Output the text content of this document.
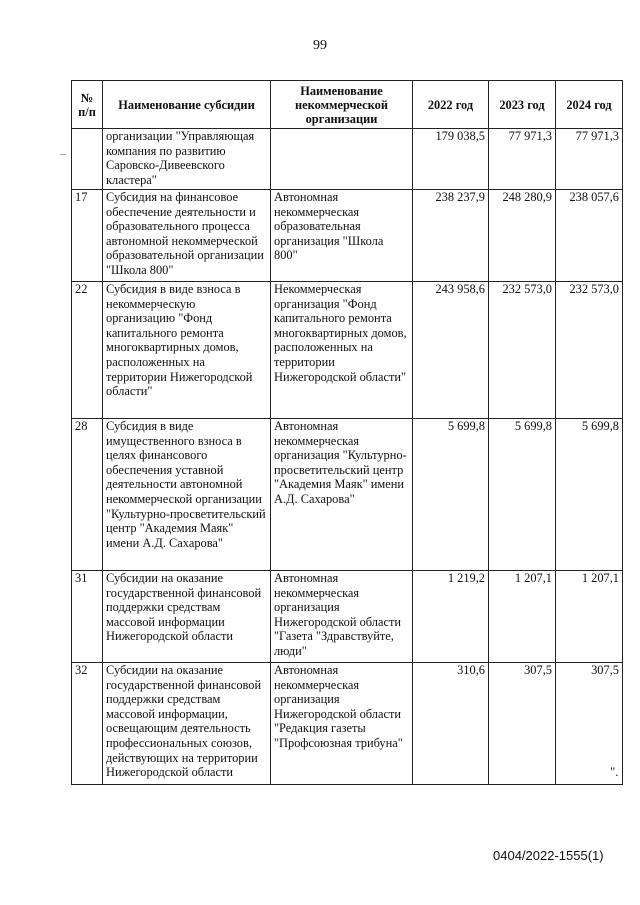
99
–
№ п/п	Наименование субсидии	Наименование некоммерческой организации	2022 год	2023 год	2024 год
	организации "Управляющая компания по развитию Саровско-Дивеевского кластера"		179 038,5	77 971,3	77 971,3
17	Субсидия на финансовое обеспечение деятельности и образовательного процесса автономной некоммерческой образовательной организации "Школа 800"	Автономная некоммерческая образовательная организация "Школа 800"	238 237,9	248 280,9	238 057,6
22	Субсидия в виде взноса в некоммерческую организацию "Фонд капитального ремонта многоквартирных домов, расположенных на территории Нижегородской области"	Некоммерческая организация "Фонд капитального ремонта многоквартирных домов, расположенных на территории Нижегородской области"	243 958,6	232 573,0	232 573,0
28	Субсидия в виде имущественного взноса в целях финансового обеспечения уставной деятельности автономной некоммерческой организации "Культурно-просветительский центр "Академия Маяк" имени А.Д. Сахарова"	Автономная некоммерческая организация "Культурно-просветительский центр "Академия Маяк" имени А.Д. Сахарова"	5 699,8	5 699,8	5 699,8
31	Субсидии на оказание государственной финансовой поддержки средствам массовой информации Нижегородской области	Автономная некоммерческая организация Нижегородской области "Газета "Здравствуйте, люди"	1 219,2	1 207,1	1 207,1
32	Субсидии на оказание государственной финансовой поддержки средствам массовой информации, освещающим деятельность профессиональных союзов, действующих на территории Нижегородской области	Автономная некоммерческая организация Нижегородской области "Редакция газеты "Профсоюзная трибуна"	310,6	307,5	307,5
".
0404/2022-1555(1)
